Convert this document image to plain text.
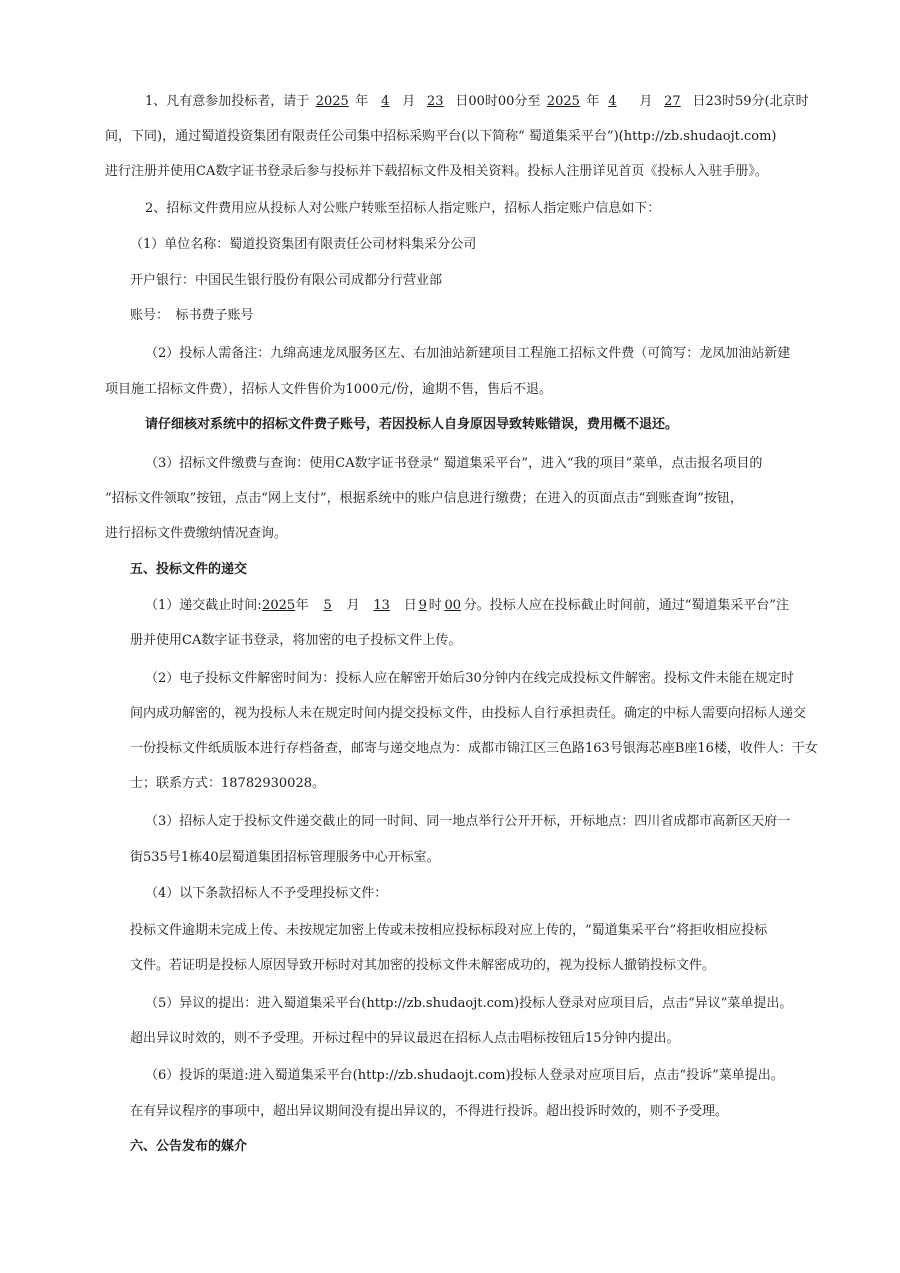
1、凡有意参加投标者，请于 2025 年 4 月 23 日00时00分至 2025 年 4 月 27 日23时59分(北京时
间，下同)，通过蜀道投资集团有限责任公司集中招标采购平台(以下简称“ 蜀道集采平台”)(http://zb.shudaojt.com)
进行注册并使用CA数字证书登录后参与投标并下载招标文件及相关资料。投标人注册详见首页《投标人入驻手册》。
2、招标文件费用应从投标人对公账户转账至招标人指定账户，招标人指定账户信息如下：
（1）单位名称：蜀道投资集团有限责任公司材料集采分公司
开户银行：中国民生银行股份有限公司成都分行营业部
账号：　标书费子账号
（2）投标人需备注：九绵高速龙凤服务区左、右加油站新建项目工程施工招标文件费（可简写：龙凤加油站新建
项目施工招标文件费），招标人文件售价为1000元/份，逾期不售，售后不退。
请仔细核对系统中的招标文件费子账号，若因投标人自身原因导致转账错误，费用概不退还。
（3）招标文件缴费与查询：使用CA数字证书登录“ 蜀道集采平台”，进入“我的项目”菜单，点击报名项目的
“招标文件领取”按钮，点击“网上支付”，根据系统中的账户信息进行缴费；在进入的页面点击“到账查询”按钮，
进行招标文件费缴纳情况查询。
五、投标文件的递交
（1）递交截止时间:2025年 5 月 13 日 9 时 00 分。投标人应在投标截止时间前，通过“蜀道集采平台”注
册并使用CA数字证书登录，将加密的电子投标文件上传。
（2）电子投标文件解密时间为：投标人应在解密开始后30分钟内在线完成投标文件解密。投标文件未能在规定时
间内成功解密的，视为投标人未在规定时间内提交投标文件，由投标人自行承担责任。确定的中标人需要向招标人递交
一份投标文件纸质版本进行存档备查，邮寄与递交地点为：成都市锦江区三色路163号银海芯座B座16楼，收件人：干女
士；联系方式：18782930028。
（3）招标人定于投标文件递交截止的同一时间、同一地点举行公开开标，开标地点：四川省成都市高新区天府一
街535号1栋40层蜀道集团招标管理服务中心开标室。
（4）以下条款招标人不予受理投标文件：
投标文件逾期未完成上传、未按规定加密上传或未按相应投标标段对应上传的，“蜀道集采平台”将拒收相应投标
文件。若证明是投标人原因导致开标时对其加密的投标文件未解密成功的，视为投标人撤销投标文件。
（5）异议的提出：进入蜀道集采平台(http://zb.shudaojt.com)投标人登录对应项目后，点击“异议”菜单提出。
超出异议时效的，则不予受理。开标过程中的异议最迟在招标人点击唱标按钮后15分钟内提出。
（6）投诉的渠道:进入蜀道集采平台(http://zb.shudaojt.com)投标人登录对应项目后，点击“投诉”菜单提出。
在有异议程序的事项中，超出异议期间没有提出异议的，不得进行投诉。超出投诉时效的，则不予受理。
六、公告发布的媒介
